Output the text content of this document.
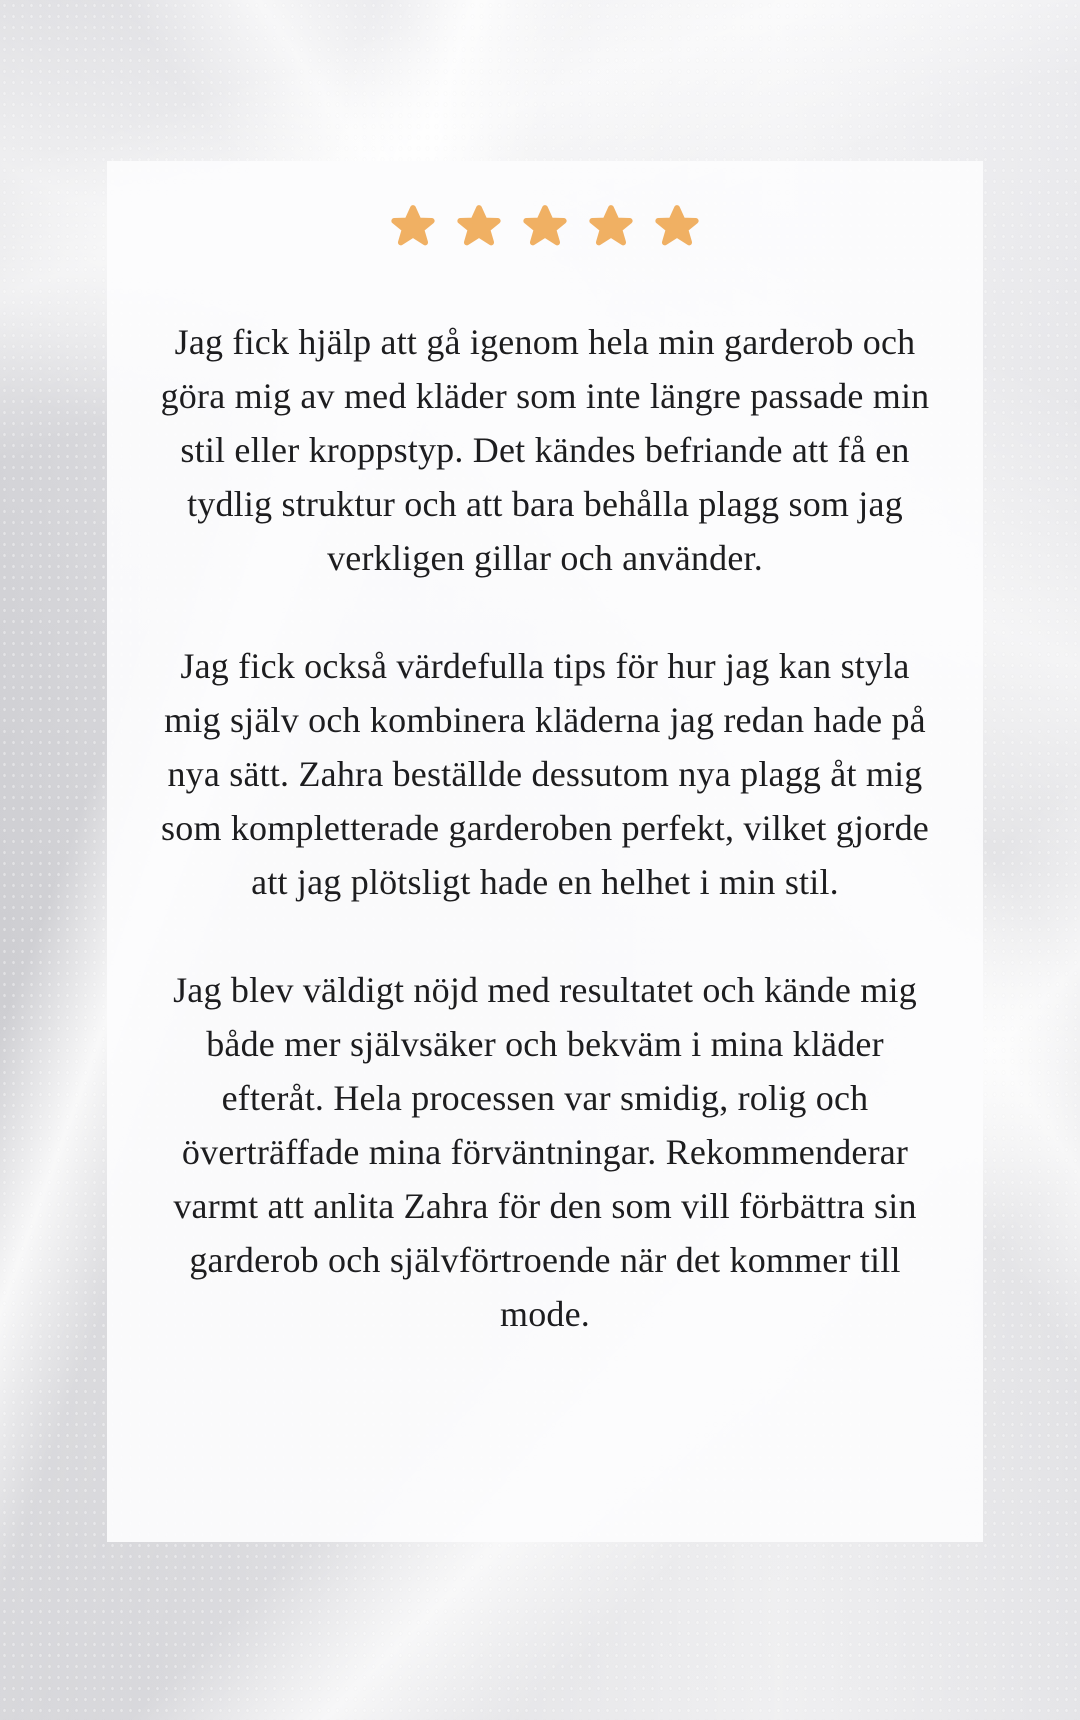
Jag fick hjälp att gå igenom hela min garderob och göra mig av med kläder som inte längre passade min stil eller kroppstyp. Det kändes befriande att få en tydlig struktur och att bara behålla plagg som jag verkligen gillar och använder.

Jag fick också värdefulla tips för hur jag kan styla mig själv och kombinera kläderna jag redan hade på nya sätt. Zahra beställde dessutom nya plagg åt mig som kompletterade garderoben perfekt, vilket gjorde att jag plötsligt hade en helhet i min stil.

Jag blev väldigt nöjd med resultatet och kände mig både mer självsäker och bekväm i mina kläder efteråt. Hela processen var smidig, rolig och överträffade mina förväntningar. Rekommenderar varmt att anlita Zahra för den som vill förbättra sin garderob och självförtroende när det kommer till mode.
